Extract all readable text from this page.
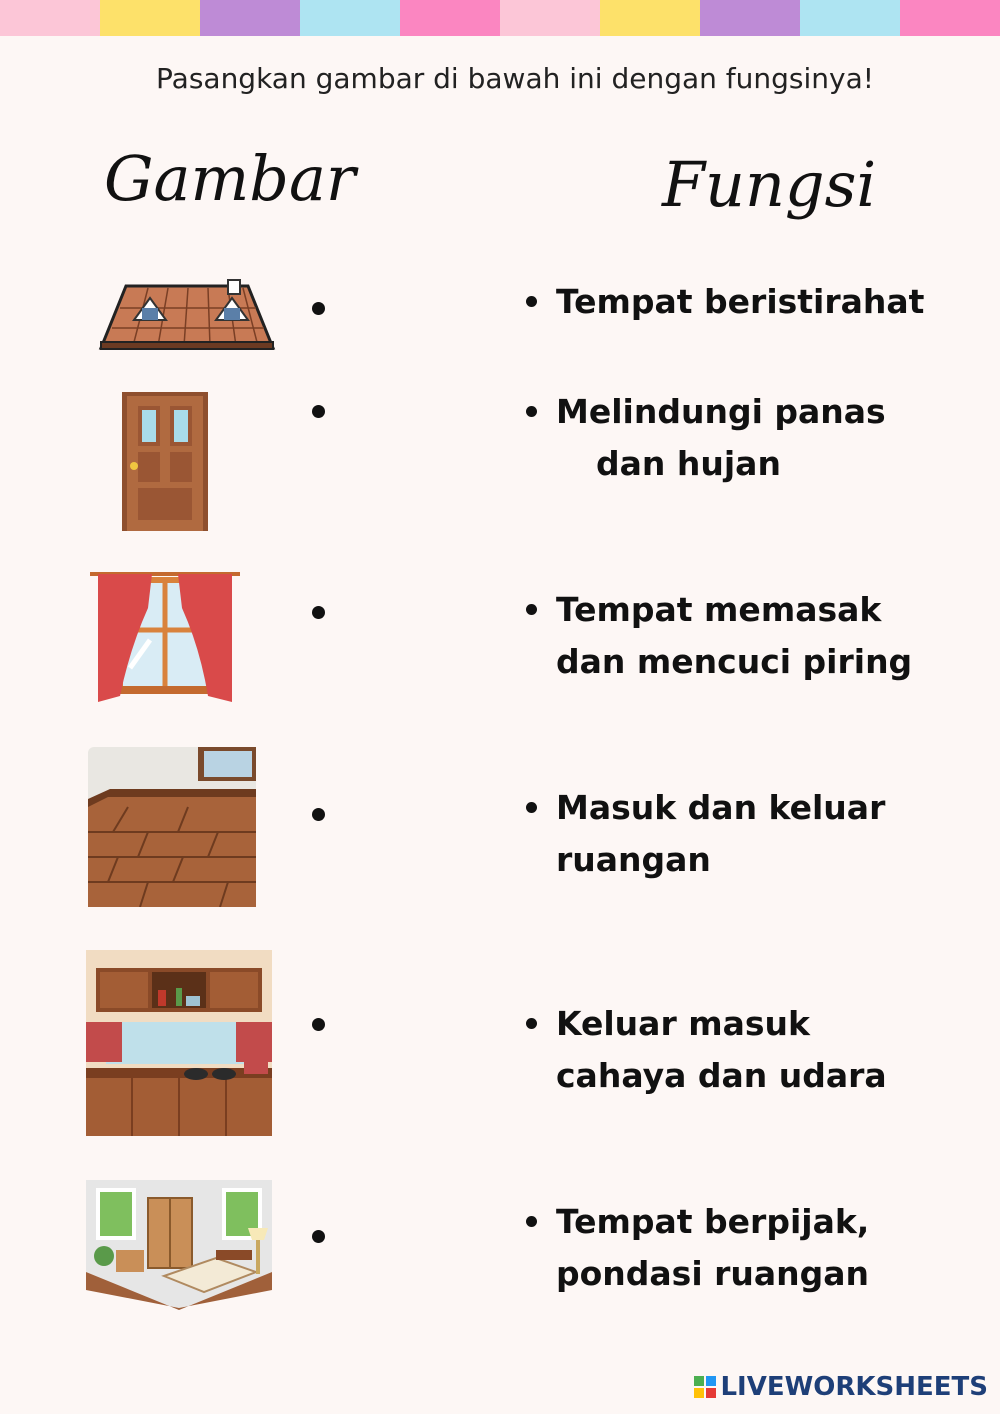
Pasangkan gambar di bawah ini dengan fungsinya!
Gambar	Fungsi
Tempat beristirahat
Melindungi panas
dan hujan
Tempat memasak
dan mencuci piring
Masuk dan keluar
ruangan
Keluar masuk
cahaya dan udara
Tempat berpijak,
pondasi ruangan
LIVEWORKSHEETS
